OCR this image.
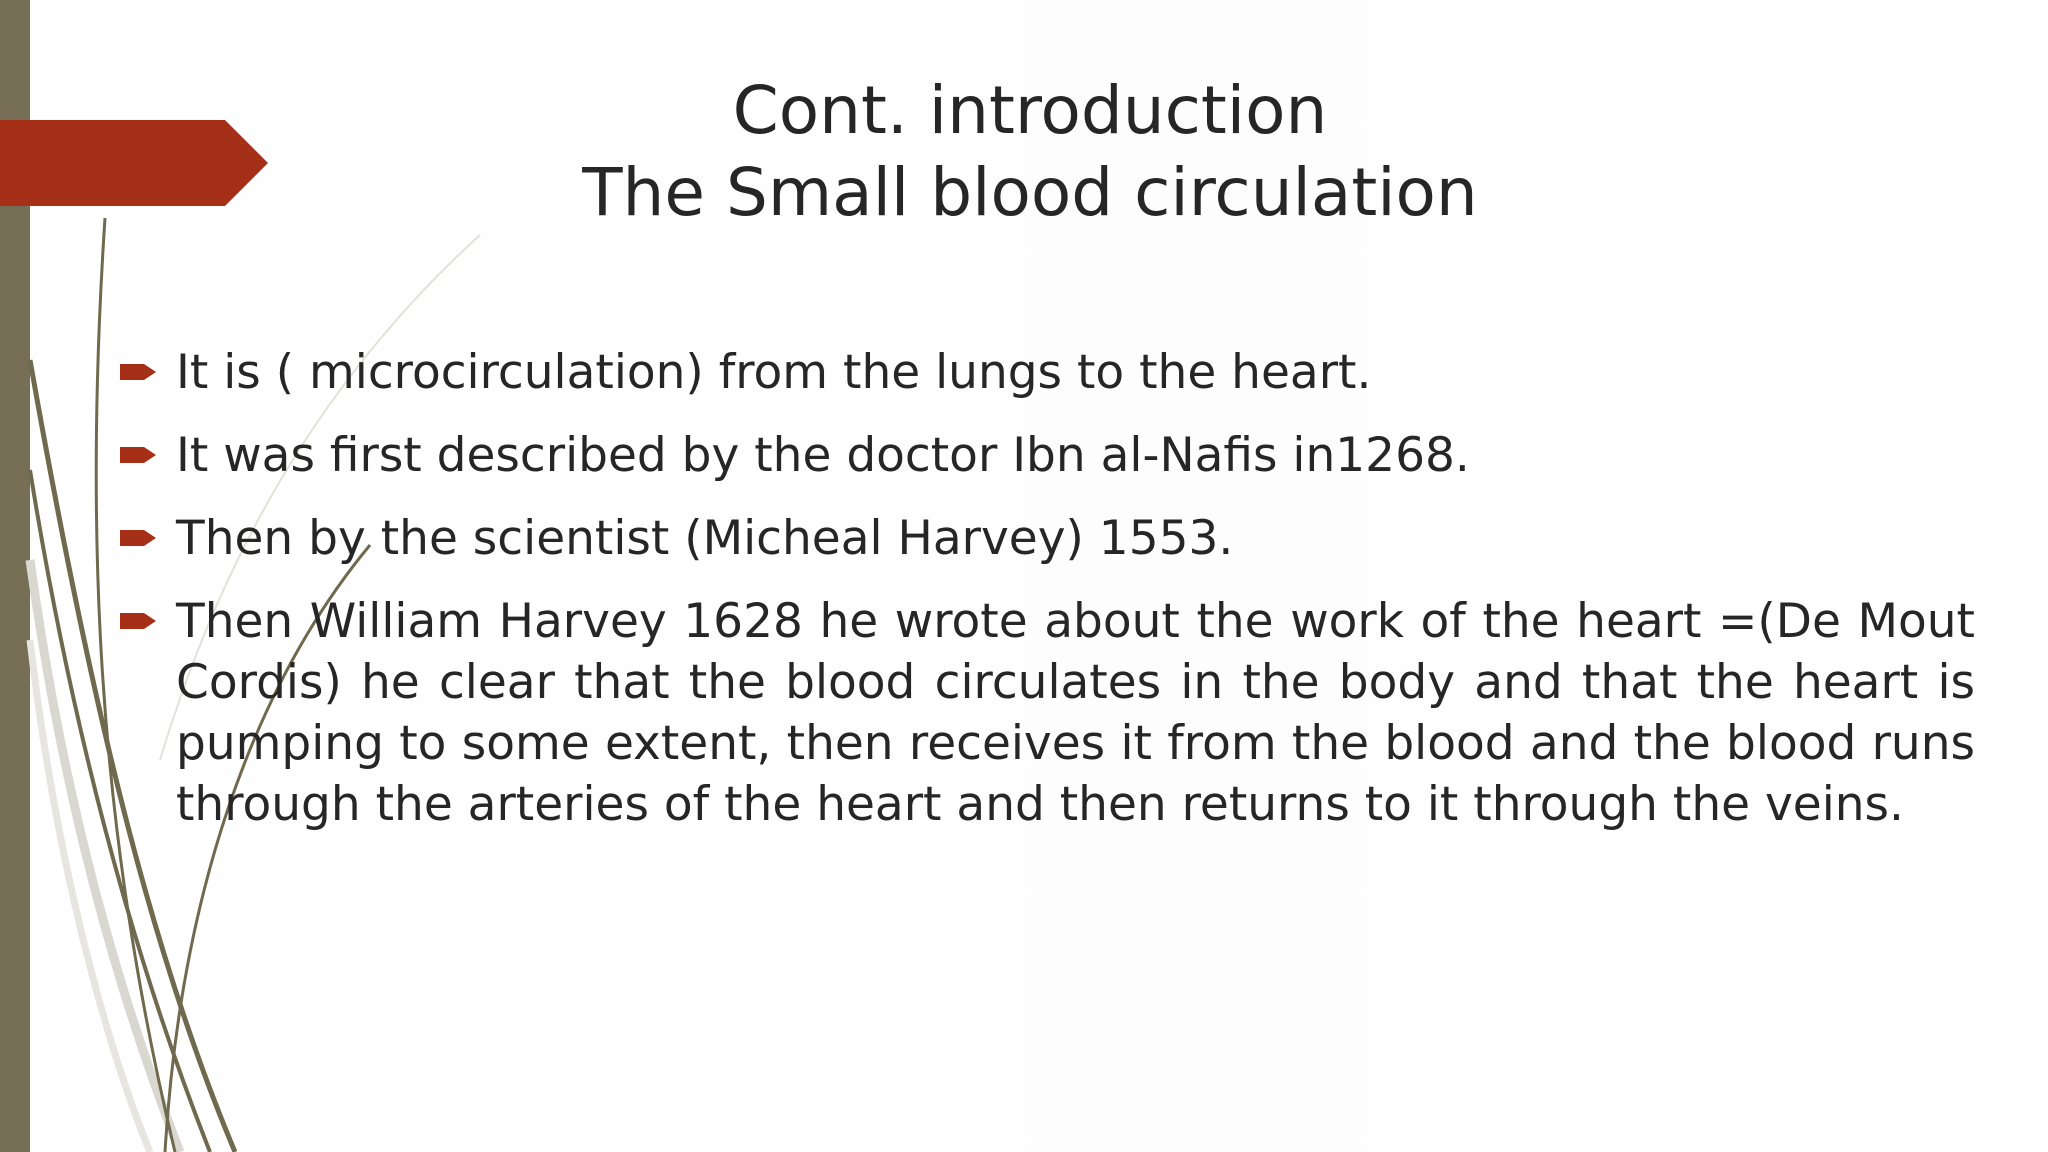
Cont. introduction
The Small blood circulation
It is ( microcirculation) from the lungs to the heart.
It was first described by the doctor Ibn al-Nafis in1268.
Then by the scientist (Micheal Harvey) 1553.
Then William Harvey 1628 he wrote about the work of the heart =(De Mout Cordis) he clear that the blood circulates in the body and that the heart is pumping to some extent, then receives it from the blood and the blood runs through the arteries of the heart and then returns to it through the veins.
